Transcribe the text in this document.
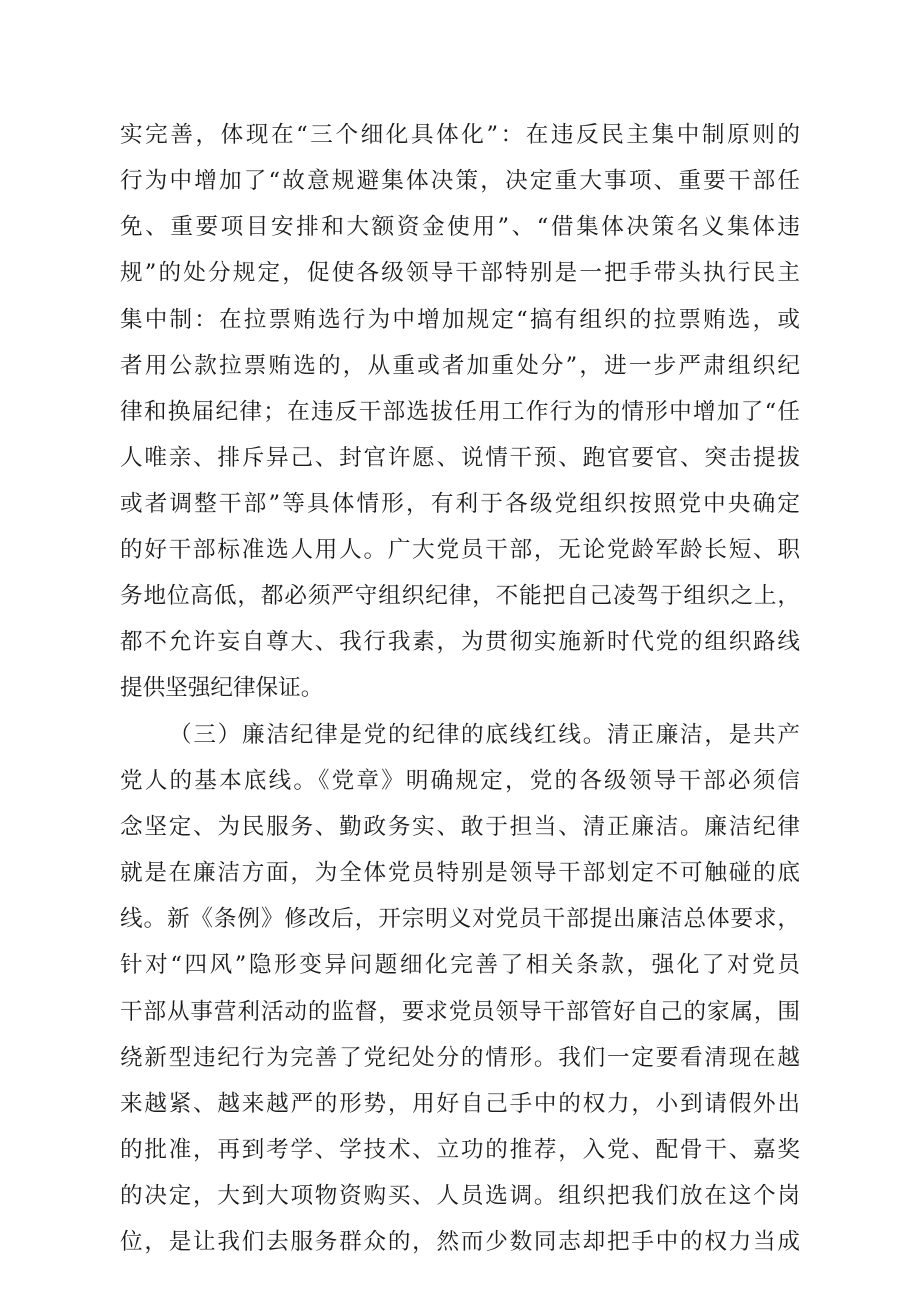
实完善，体现在“三个细化具体化”：在违反民主集中制原则的
行为中增加了“故意规避集体决策，决定重大事项、重要干部任
免、重要项目安排和大额资金使用”、“借集体决策名义集体违
规”的处分规定，促使各级领导干部特别是一把手带头执行民主
集中制：在拉票贿选行为中增加规定“搞有组织的拉票贿选，或
者用公款拉票贿选的，从重或者加重处分”，进一步严肃组织纪
律和换届纪律；在违反干部选拔任用工作行为的情形中增加了“任
人唯亲、排斥异己、封官许愿、说情干预、跑官要官、突击提拔
或者调整干部”等具体情形，有利于各级党组织按照党中央确定
的好干部标准选人用人。广大党员干部，无论党龄军龄长短、职
务地位高低，都必须严守组织纪律，不能把自己凌驾于组织之上，
都不允许妄自尊大、我行我素，为贯彻实施新时代党的组织路线
提供坚强纪律保证。
（三）廉洁纪律是党的纪律的底线红线。清正廉洁，是共产
党人的基本底线。《党章》明确规定，党的各级领导干部必须信
念坚定、为民服务、勤政务实、敢于担当、清正廉洁。廉洁纪律
就是在廉洁方面，为全体党员特别是领导干部划定不可触碰的底
线。新《条例》修改后，开宗明义对党员干部提出廉洁总体要求，
针对“四风”隐形变异问题细化完善了相关条款，强化了对党员
干部从事营利活动的监督，要求党员领导干部管好自己的家属，围
绕新型违纪行为完善了党纪处分的情形。我们一定要看清现在越
来越紧、越来越严的形势，用好自己手中的权力，小到请假外出
的批准，再到考学、学技术、立功的推荐，入党、配骨干、嘉奖
的决定，大到大项物资购买、人员选调。组织把我们放在这个岗
位，是让我们去服务群众的，然而少数同志却把手中的权力当成
